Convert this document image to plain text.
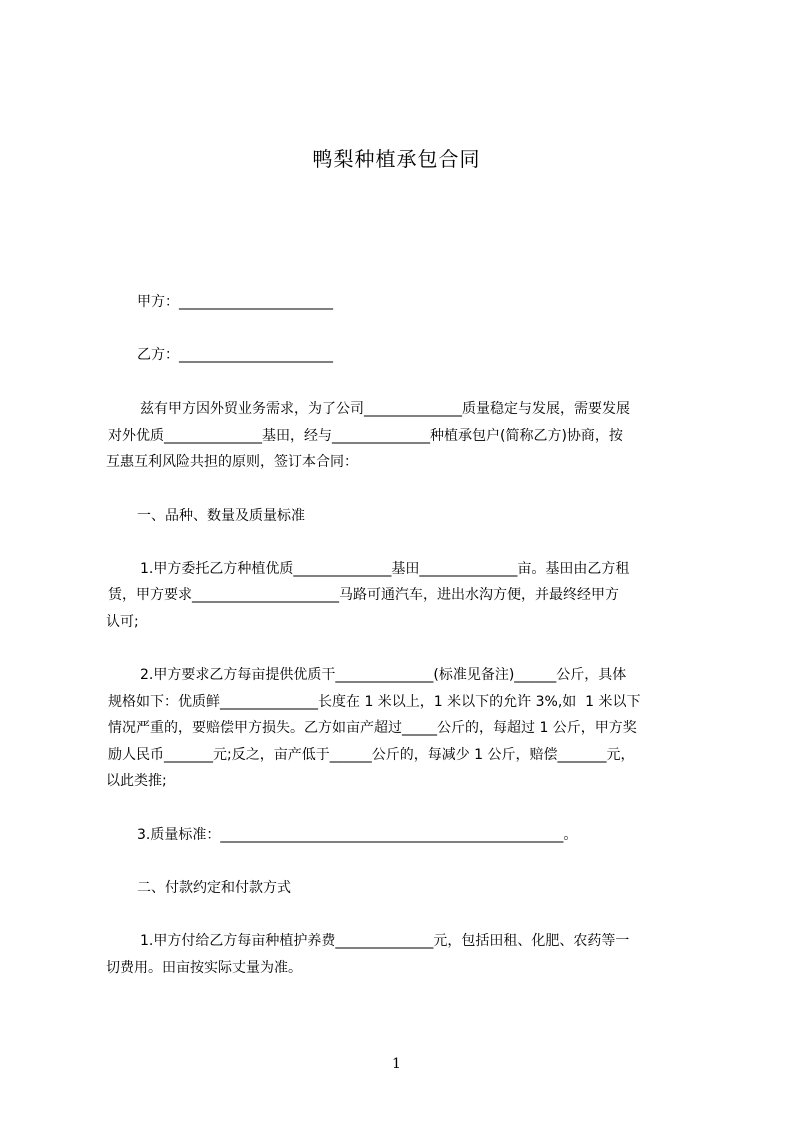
鸭梨种植承包合同
甲方：______________________
乙方：______________________
兹有甲方因外贸业务需求，为了公司______________质量稳定与发展，需要发展
对外优质______________基田，经与______________种植承包户(简称乙方)协商，按
互惠互利风险共担的原则，签订本合同：
一、品种、数量及质量标准
1.甲方委托乙方种植优质______________基田______________亩。基田由乙方租
赁，甲方要求_____________________马路可通汽车，进出水沟方便，并最终经甲方
认可;
2.甲方要求乙方每亩提供优质干______________(标准见备注)______公斤，具体
规格如下：优质鲜______________长度在 1 米以上，1 米以下的允许 3%,如  1 米以下
情况严重的，要赔偿甲方损失。乙方如亩产超过_____公斤的，每超过 1 公斤，甲方奖
励人民币_______元;反之，亩产低于______公斤的，每减少 1 公斤，赔偿_______元，
以此类推;
3.质量标准：_________________________________________________。
二、付款约定和付款方式
1.甲方付给乙方每亩种植护养费______________元，包括田租、化肥、农药等一
切费用。田亩按实际丈量为准。
1
